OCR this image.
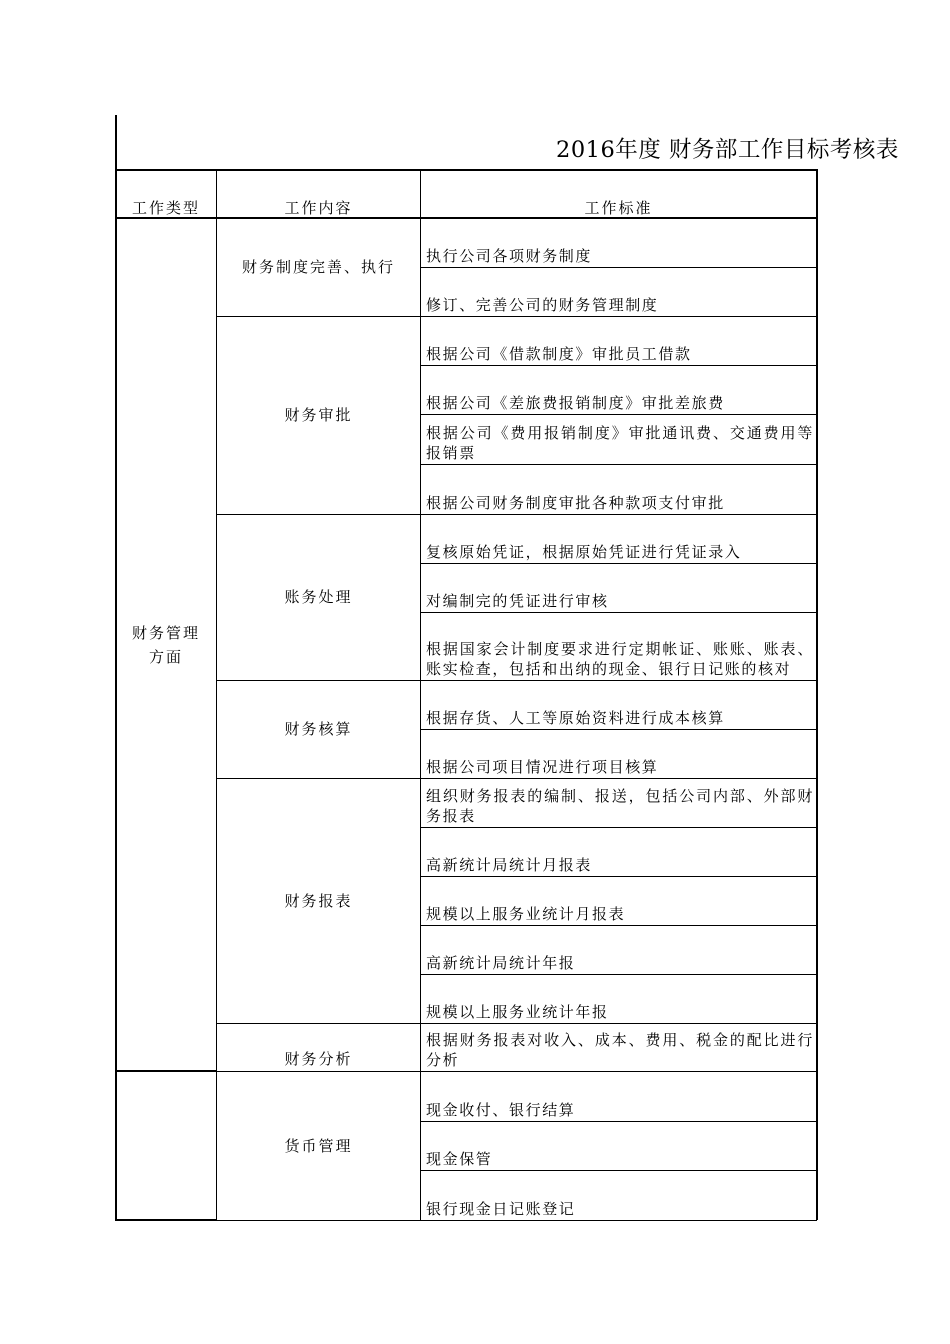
2016年度 财务部工作目标考核表
工作类型	工作内容	工作标准
财务管理
方面
财务制度完善、执行
执行公司各项财务制度
修订、完善公司的财务管理制度
财务审批
根据公司《借款制度》审批员工借款
根据公司《差旅费报销制度》审批差旅费
根据公司《费用报销制度》审批通讯费、交通费用等报销票
根据公司财务制度审批各种款项支付审批
账务处理
复核原始凭证，根据原始凭证进行凭证录入
对编制完的凭证进行审核
根据国家会计制度要求进行定期帐证、账账、账表、账实检查，包括和出纳的现金、银行日记账的核对
财务核算
根据存货、人工等原始资料进行成本核算
根据公司项目情况进行项目核算
财务报表
组织财务报表的编制、报送，包括公司内部、外部财务报表
高新统计局统计月报表
规模以上服务业统计月报表
高新统计局统计年报
规模以上服务业统计年报
财务分析
根据财务报表对收入、成本、费用、税金的配比进行分析
货币管理
现金收付、银行结算
现金保管
银行现金日记账登记
